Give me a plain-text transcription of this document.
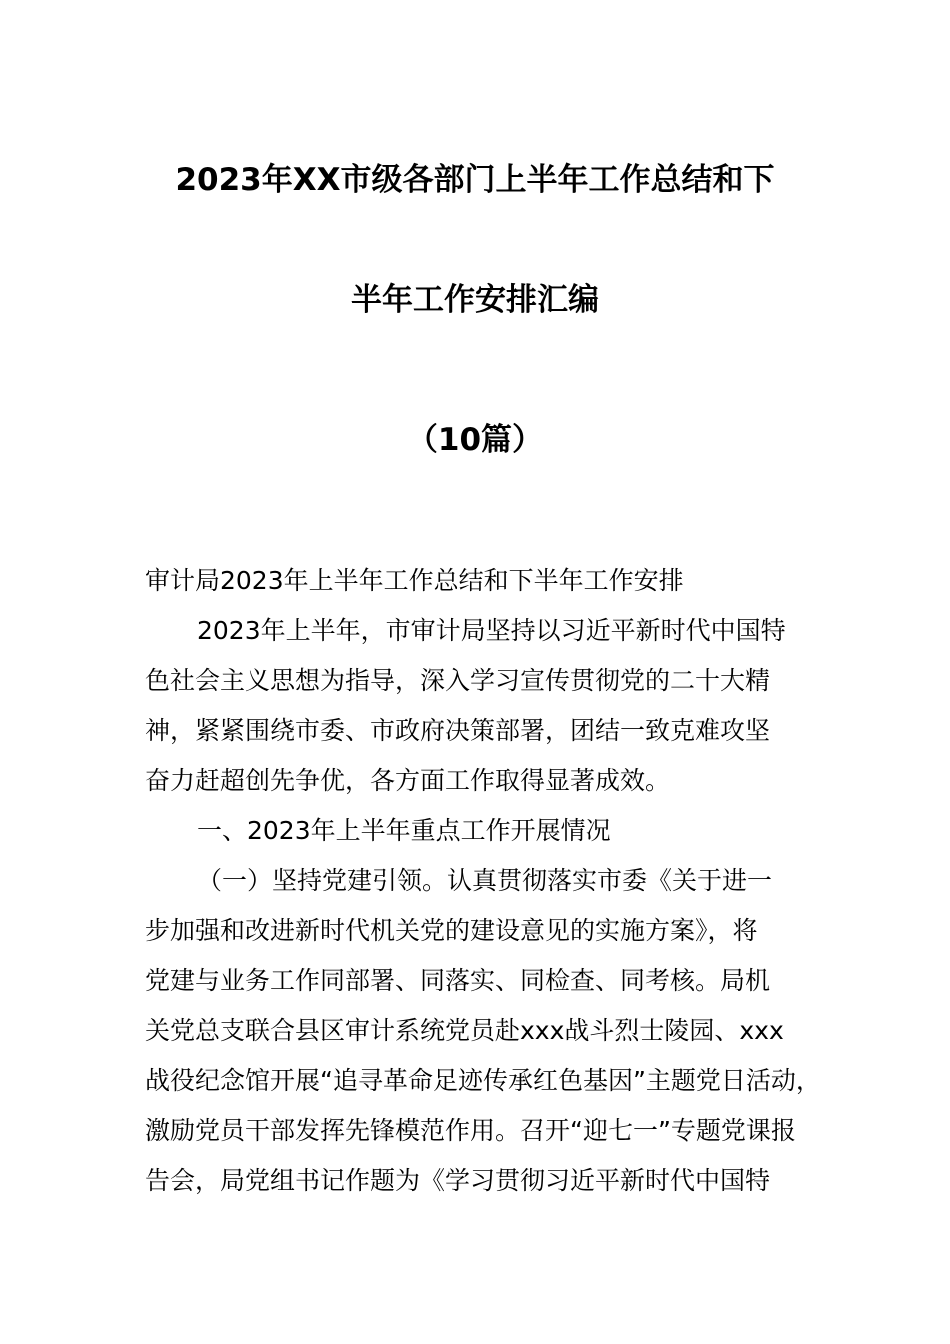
2023年XX市级各部门上半年工作总结和下
半年工作安排汇编
（10篇）
审计局2023年上半年工作总结和下半年工作安排
2023年上半年，市审计局坚持以习近平新时代中国特
色社会主义思想为指导，深入学习宣传贯彻党的二十大精
神，紧紧围绕市委、市政府决策部署，团结一致克难攻坚
奋力赶超创先争优，各方面工作取得显著成效。
一、2023年上半年重点工作开展情况
（一）坚持党建引领。认真贯彻落实市委《关于进一
步加强和改进新时代机关党的建设意见的实施方案》，将
党建与业务工作同部署、同落实、同检查、同考核。局机
关党总支联合县区审计系统党员赴xxx战斗烈士陵园、xxx
战役纪念馆开展“追寻革命足迹传承红色基因”主题党日活动，
激励党员干部发挥先锋模范作用。召开“迎七一”专题党课报
告会，局党组书记作题为《学习贯彻习近平新时代中国特
